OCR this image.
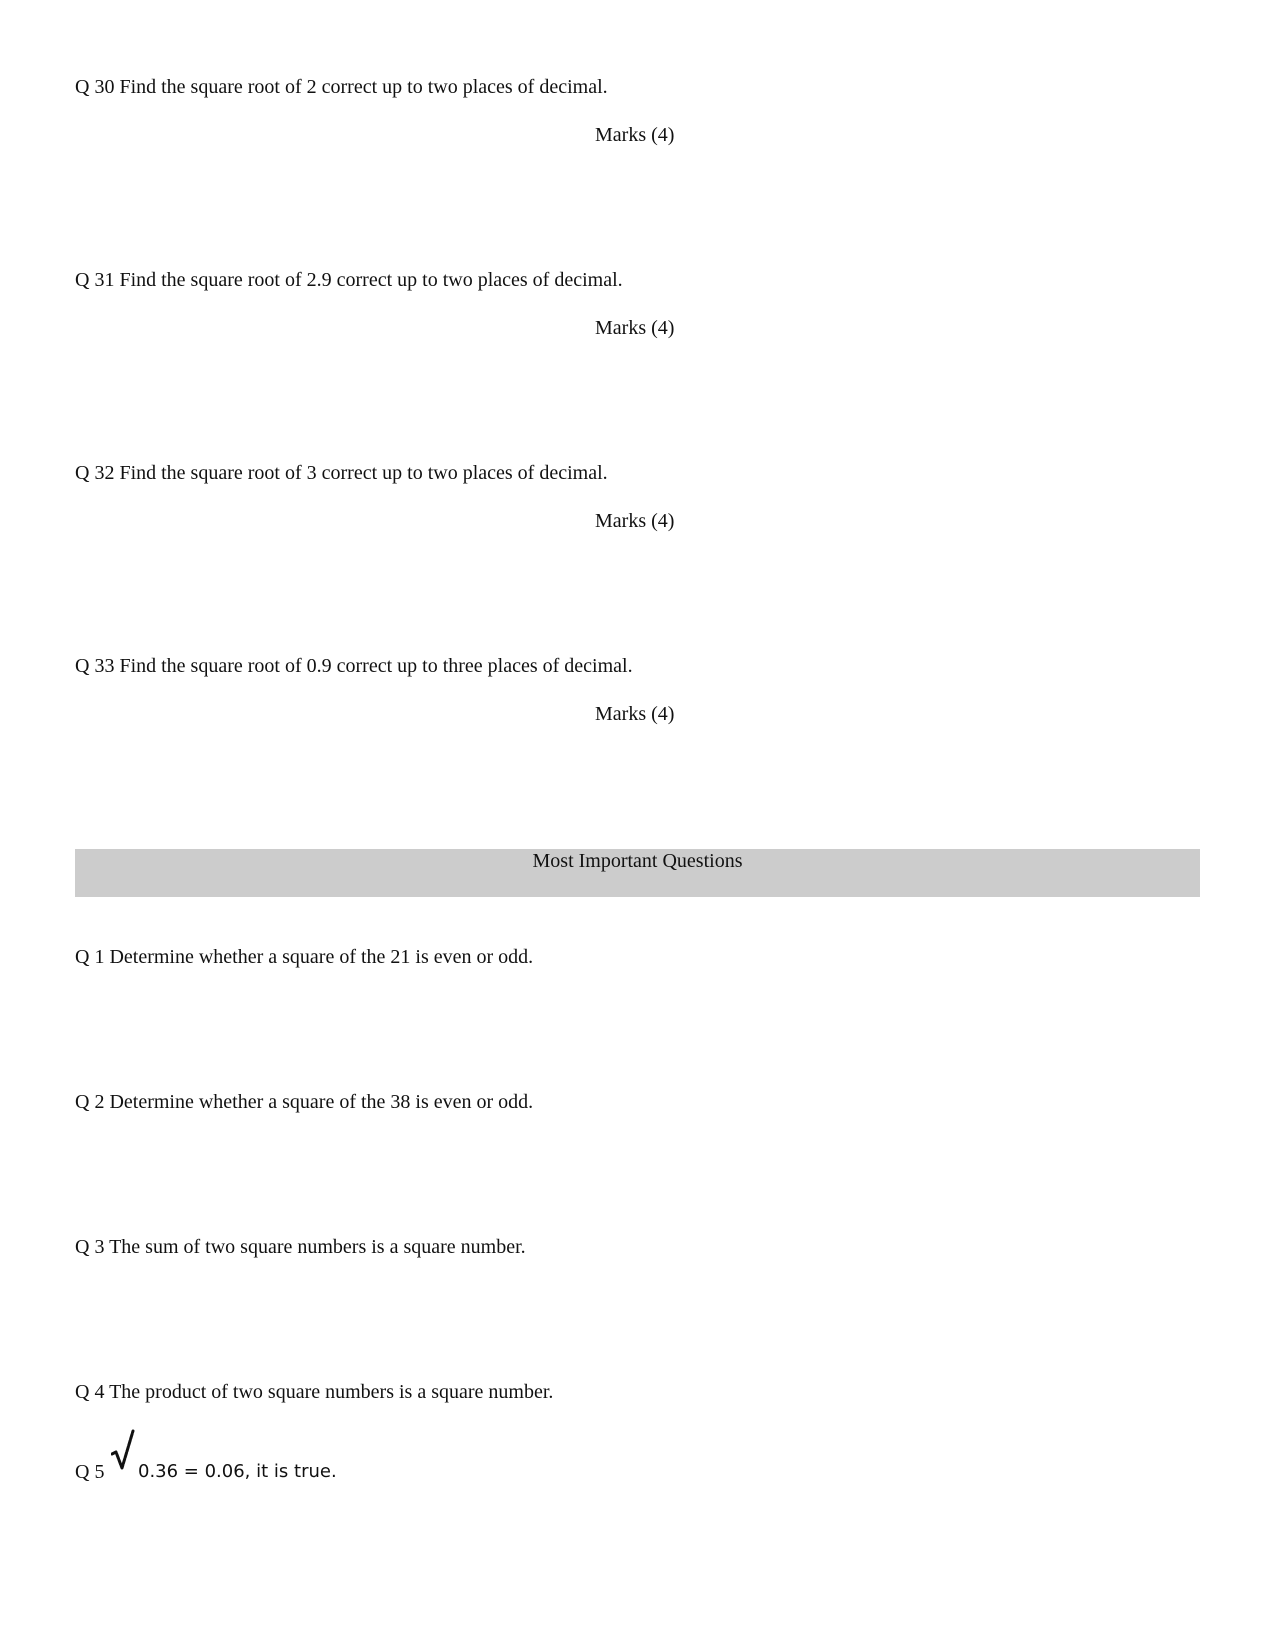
Q 30 Find the square root of 2 correct up to two places of decimal.
Marks (4)
Q 31 Find the square root of 2.9 correct up to two places of decimal.
Marks (4)
Q 32 Find the square root of 3 correct up to two places of decimal.
Marks (4)
Q 33 Find the square root of 0.9 correct up to three places of decimal.
Marks (4)
Most Important Questions
Q 1 Determine whether a square of the 21 is even or odd.
Q 2 Determine whether a square of the 38 is even or odd.
Q 3 The sum of two square numbers is a square number.
Q 4 The product of two square numbers is a square number.
Q 5 0.36 = 0.06, it is true.
